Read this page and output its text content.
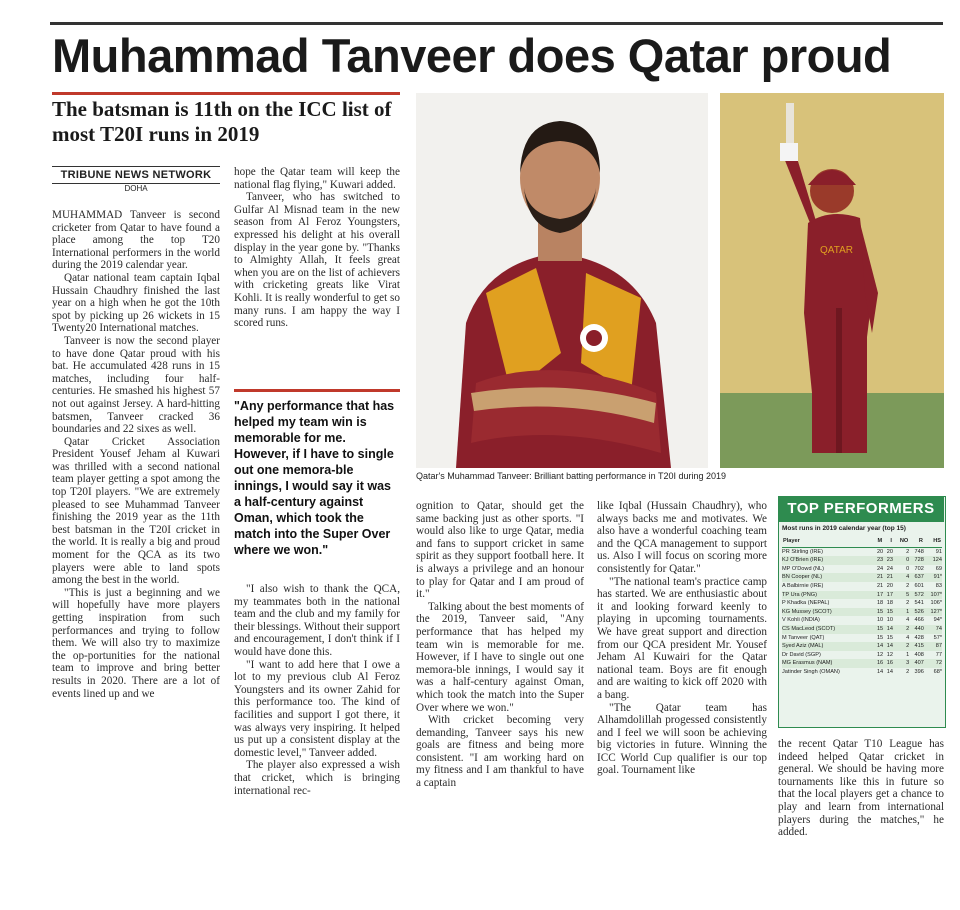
Muhammad Tanveer does Qatar proud
The batsman is 11th on the ICC list of most T20I runs in 2019
TRIBUNE NEWS NETWORK
DOHA

MUHAMMAD Tanveer is second cricketer from Qatar to have found a place among the top T20 International performers in the world during the 2019 calendar year.

Qatar national team captain Iqbal Hussain Chaudhry finished the last year on a high when he got the 10th spot by picking up 26 wickets in 15 Twenty20 International matches.

Tanveer is now the second player to have done Qatar proud with his bat. He accumulated 428 runs in 15 matches, including four half-centuries. He smashed his highest 57 not out against Jersey. A hard-hitting batsmen, Tanveer cracked 36 boundaries and 22 sixes as well.

Qatar Cricket Association President Yousef Jeham al Kuwari was thrilled with a second national team player getting a spot among the top T20I players. "We are extremely pleased to see Muhammad Tanveer finishing the 2019 year as the 11th best batsman in the T20I cricket in the world. It is really a big and proud moment for the QCA as its two players were able to land spots among the best in the world.

"This is just a beginning and we will hopefully have more players getting inspiration from such performances and trying to follow them. We will also try to maximize the op-portunities for the national team to improve and bring better results in 2020. There are a lot of events lined up and we

hope the Qatar team will keep the national flag flying," Kuwari added.

Tanveer, who has switched to Gulfar Al Misnad team in the new season from Al Feroz Youngsters, expressed his delight at his overall display in the year gone by. "Thanks to Almighty Allah, It feels great when you are on the list of achievers with cricketing greats like Virat Kohli. It is really wonderful to get so many runs. I am happy the way I scored runs.

"Any performance that has helped my team win is memorable for me. However, if I have to single out one memora-ble innings, I would say it was a half-century against Oman, which took the match into the Super Over where we won."

"I also wish to thank the QCA, my teammates both in the national team and the club and my family for their blessings. Without their support and encouragement, I don't think if I would have done this.

"I want to add here that I owe a lot to my previous club Al Feroz Youngsters and its owner Zahid for this performance too. The kind of facilities and support I got there, it was always very inspiring. It helped us put up a consistent display at the domestic level," Tanveer added.

The player also expressed a wish that cricket, which is bringing international rec-

QATAR
Qatar's Muhammad Tanveer: Brilliant batting performance in T20I during 2019

ognition to Qatar, should get the same backing just as other sports. "I would also like to urge Qatar, media and fans to support cricket in same spirit as they support football here. It is always a privilege and an honour to play for Qatar and I am proud of it."

Talking about the best moments of the 2019, Tanveer said, "Any performance that has helped my team win is memorable for me. However, if I have to single out one memora-ble innings, I would say it was a half-century against Oman, which took the match into the Super Over where we won."

With cricket becoming very demanding, Tanveer says his new goals are fitness and being more consistent. "I am working hard on my fitness and I am thankful to have a captain

like Iqbal (Hussain Chaudhry), who always backs me and motivates. We also have a wonderful coaching team and the QCA management to support us. Also I will focus on scoring more consistently for Qatar."

"The national team's practice camp has started. We are enthusiastic about it and looking forward keenly to playing in upcoming tournaments. We have great support and direction from our QCA president Mr. Yousef Jeham Al Kuwairi for the Qatar national team. Boys are fit enough and are waiting to kick off 2020 with a bang.

"The Qatar team has Alhamdolillah progessed consistently and I feel we will soon be achieving big victories in future. Winning the ICC World Cup qualifier is our top goal. Tournament like

TOP PERFORMERS
Most runs in 2019 calendar year (top 15)
Player	M	I	NO	R	HS
PR Stirling (IRE)	20	20	2	748	91
KJ O'Brien (IRE)	23	23	0	728	124
MP O'Dowd (NL)	24	24	0	702	69
BN Cooper (NL)	21	21	4	637	91*
A Balbirnie (IRE)	21	20	2	601	83
TP Ura (PNG)	17	17	5	572	107*
P Khadka (NEPAL)	18	18	2	541	106*
KG Mussey (SCOT)	15	15	1	526	127*
V Kohli (INDIA)	10	10	4	466	94*
CS MacLeod (SCOT)	15	14	2	440	74
M Tanveer (QAT)	15	15	4	428	57*
Syed Aziz (MAL)	14	14	2	415	87
Dr David (SGP)	12	12	1	408	77
MG Erasmus (NAM)	16	16	3	407	72
Jatinder Singh (OMAN)	14	14	2	396	68*

the recent Qatar T10 League has indeed helped Qatar cricket in general. We should be having more tournaments like this in future so that the local players get a chance to play and learn from international players during the matches," he added.
